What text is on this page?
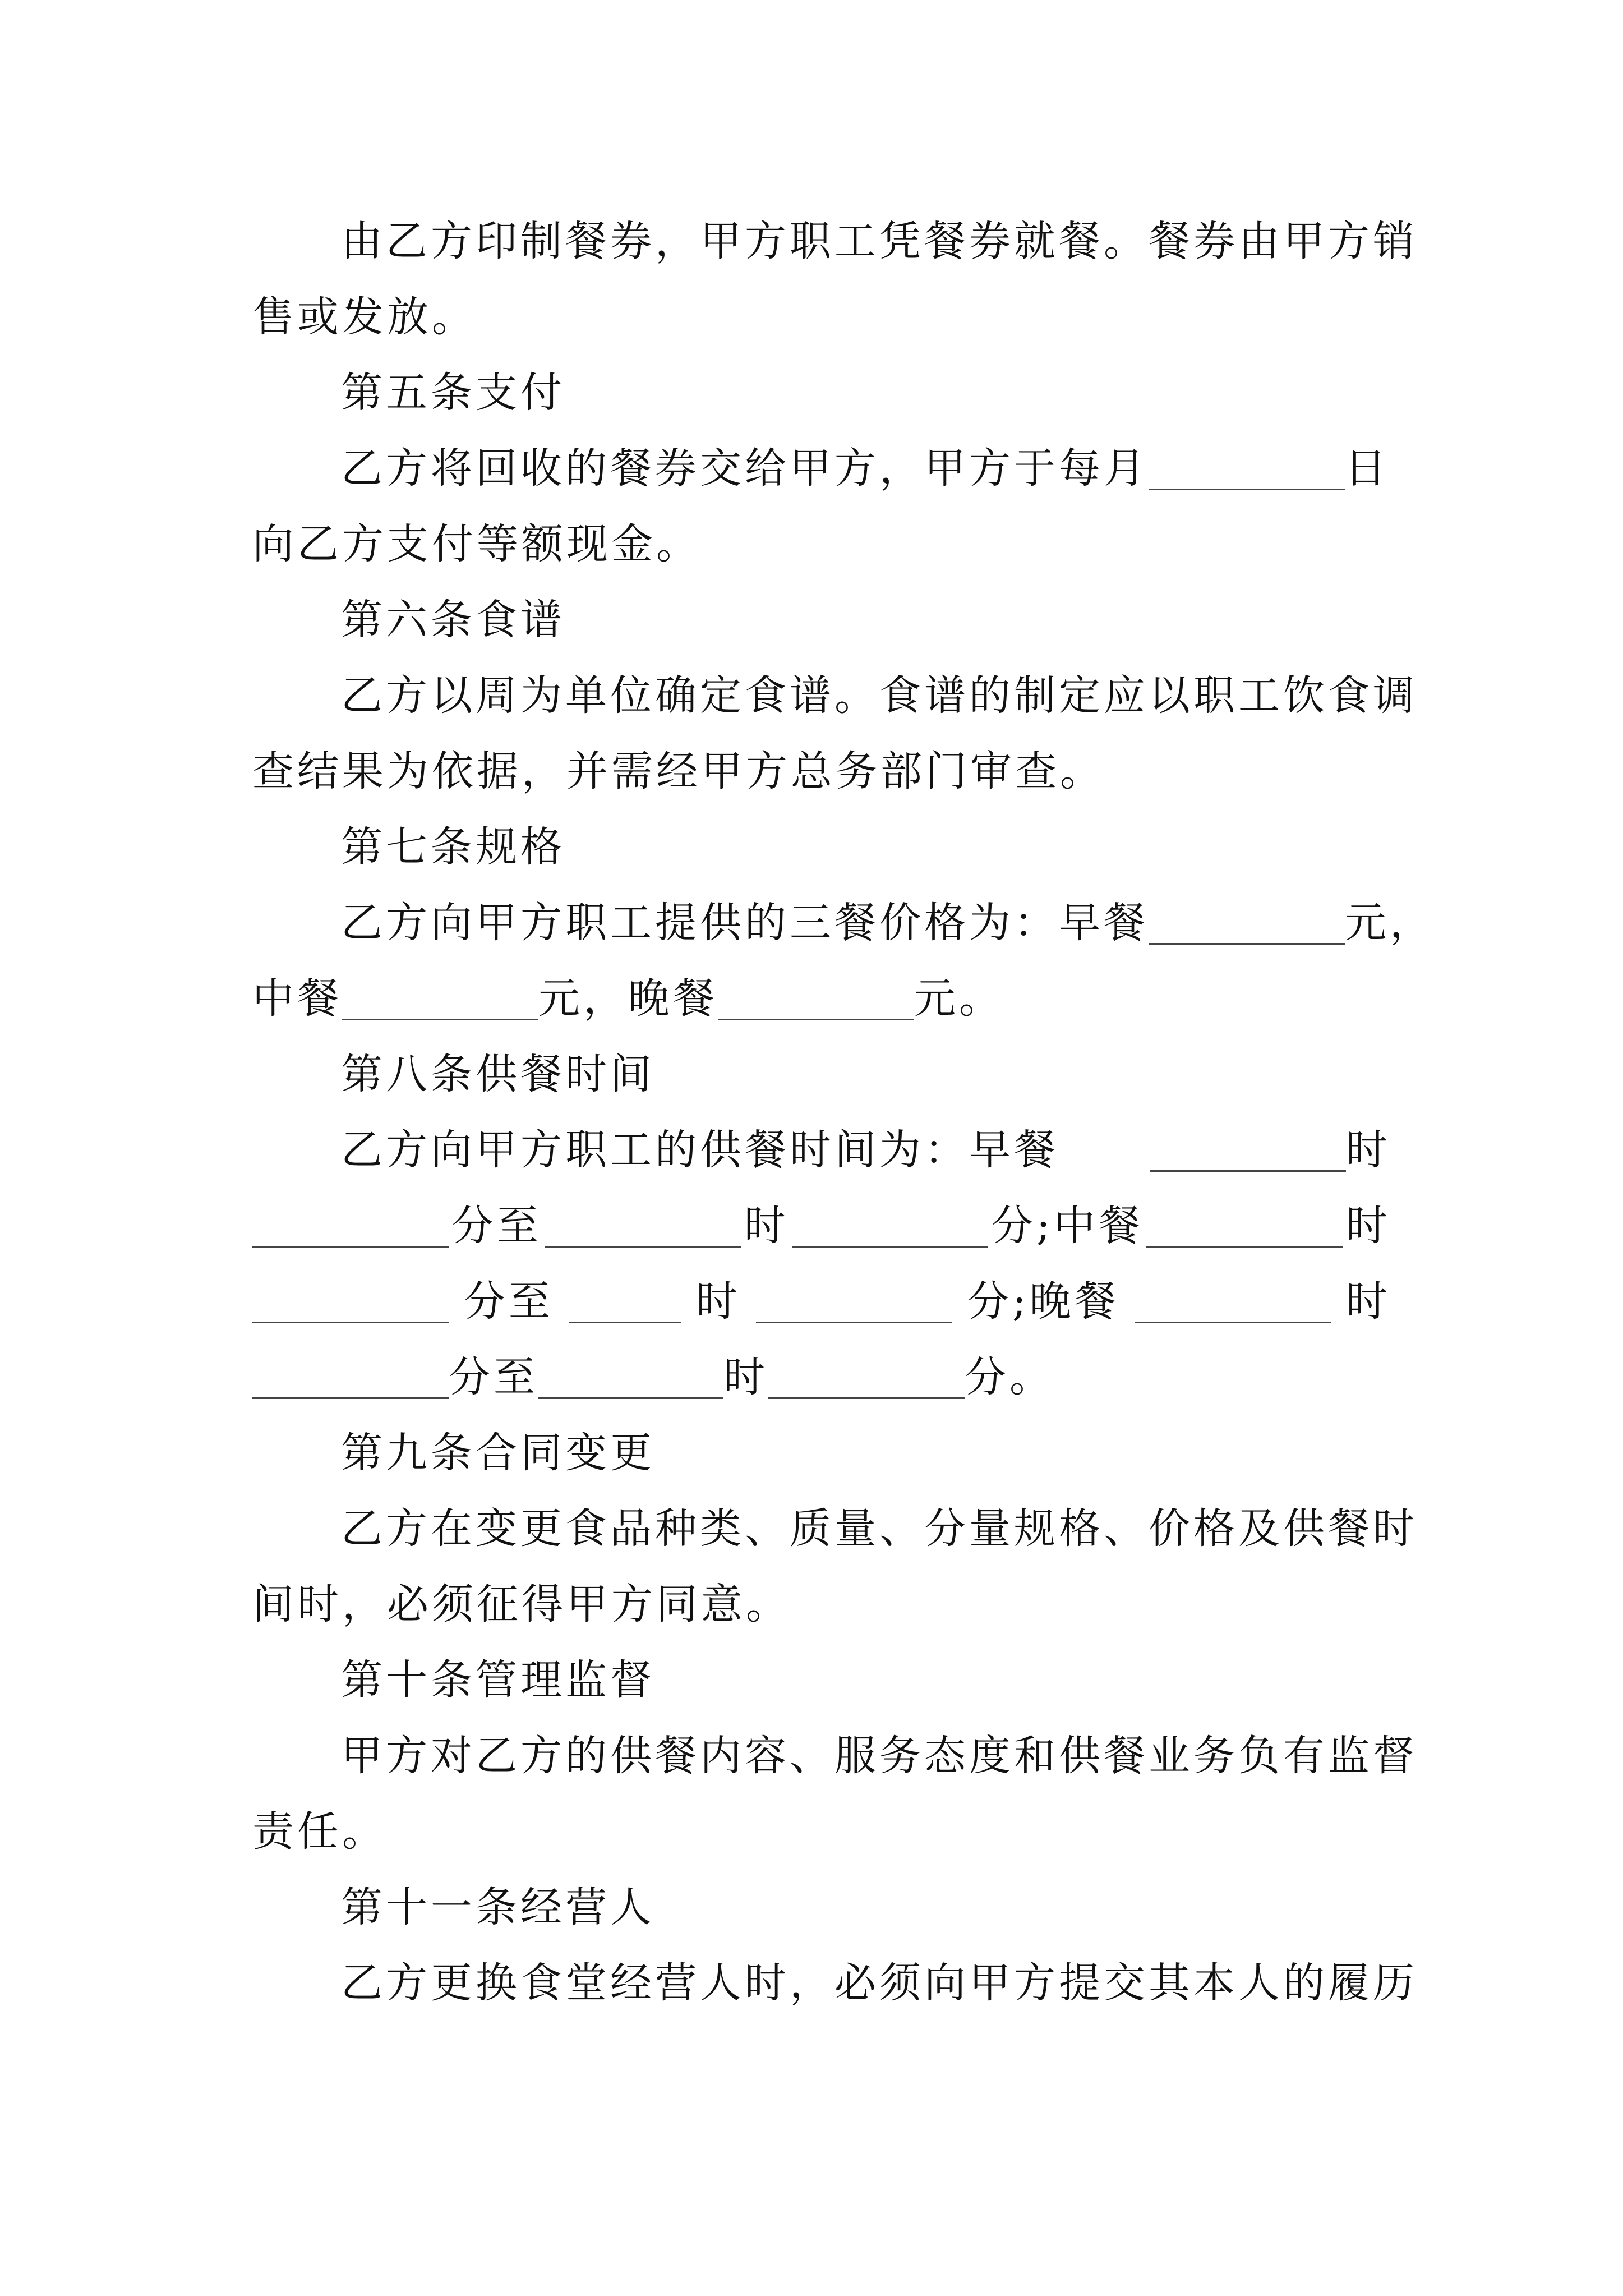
由乙方印制餐券，甲方职工凭餐券就餐。餐券由甲方销
售或发放。
第五条支付
乙方将回收的餐券交给甲方，甲方于每月	日
向乙方支付等额现金。
第六条食谱
乙方以周为单位确定食谱。食谱的制定应以职工饮食调
查结果为依据，并需经甲方总务部门审查。
第七条规格
乙方向甲方职工提供的三餐价格为：早餐	元，
中餐	元，晚餐	元。
第八条供餐时间
乙方向甲方职工的供餐时间为：早餐	时
分至	时	分;中餐	时
分至	时	分;晚餐	时
分至	时	分。
第九条合同变更
乙方在变更食品种类、质量、分量规格、价格及供餐时
间时，必须征得甲方同意。
第十条管理监督
甲方对乙方的供餐内容、服务态度和供餐业务负有监督
责任。
第十一条经营人
乙方更换食堂经营人时，必须向甲方提交其本人的履历
